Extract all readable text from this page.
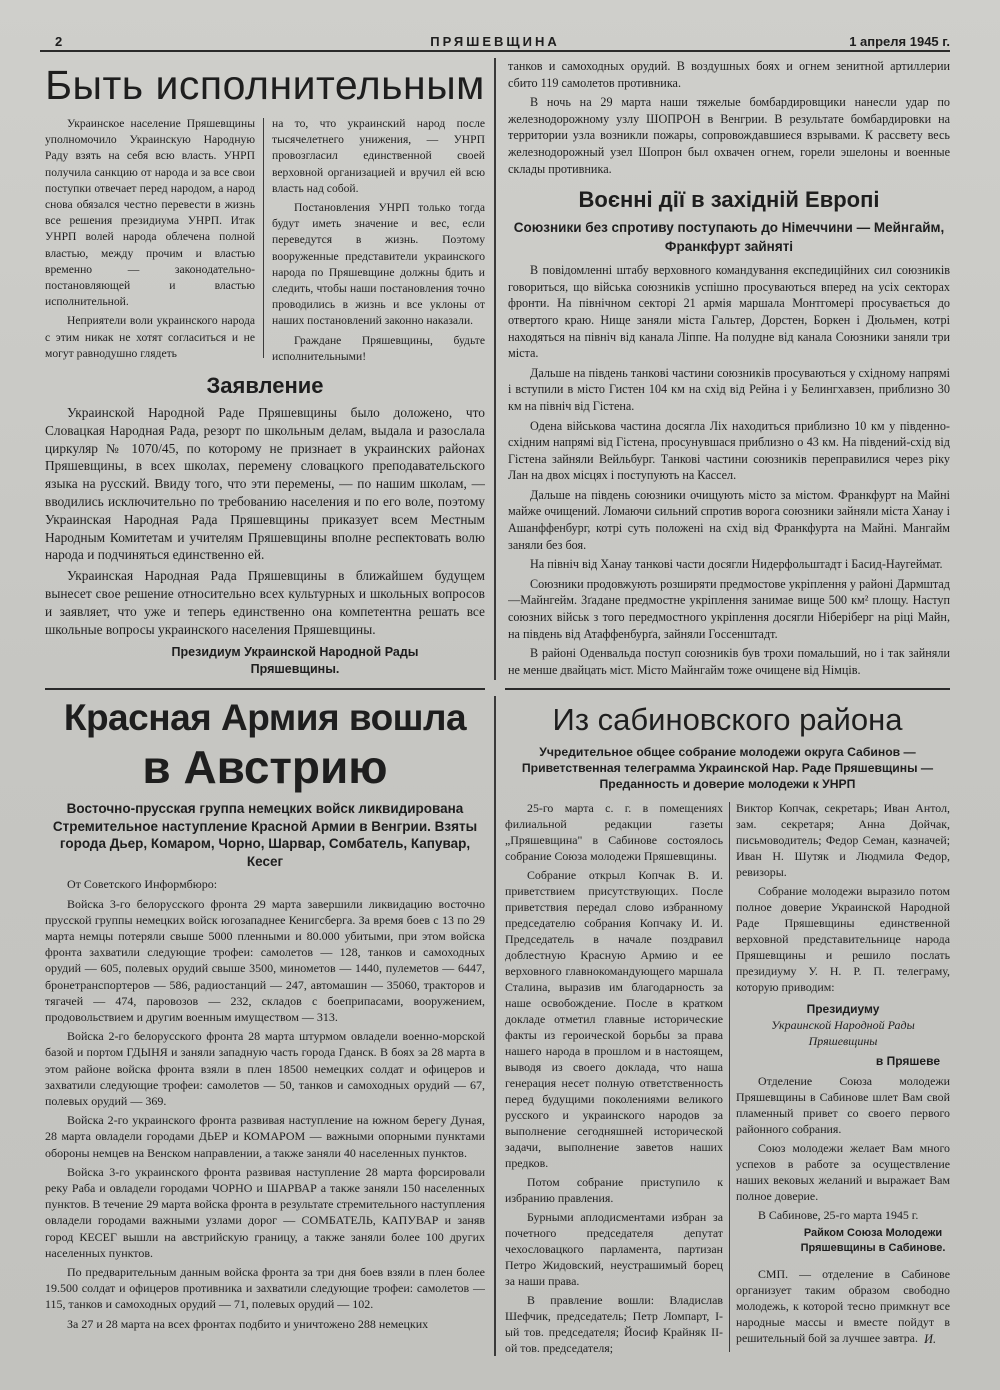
2	ПРЯШЕВЩИНА	1 апреля 1945 г.
Быть исполнительным

Украинское население Пряшевщины уполномочило Украинскую Народную Раду взять на себя всю власть. УНРП получила санкцию от народа и за все свои поступки отвечает перед народом, а народ снова обязался честно перевести в жизнь все решения президиума УНРП. Итак УНРП волей народа облечена полной властью, между прочим и властью временно — законодательно-постановляющей и властью исполнительной.

Неприятели воли украинского народа с этим никак не хотят согласиться и не могут равнодушно глядеть

на то, что украинский народ после тысячелетнего унижения, — УНРП провозгласил единственной своей верховной организацией и вручил ей всю власть над собой.

Постановления УНРП только тогда будут иметь значение и вес, если переведутся в жизнь. Поэтому вооруженные представители украинского народа по Пряшевщине должны бдить и следить, чтобы наши постановления точно проводились в жизнь и все уклоны от наших постановлений законно наказали.

Граждане Пряшевщины, будьте исполнительными!

Заявление

Украинской Народной Раде Пряшевщины было доложено, что Словацкая Народная Рада, резорт по школьным делам, выдала и разослала циркуляр № 1070/45, по которому не признает в украинских районах Пряшевщины, в всех школах, перемену словацкого преподавательского языка на русский. Ввиду того, что эти перемены, — по нашим школам, — вводились исключительно по требованию населения и по его воле, поэтому Украинская Народная Рада Пряшевщины приказует всем Местным Народным Комитетам и учителям Пряшевщины вполне респектовать волю народа и подчиняться единственно ей.

Украинская Народная Рада Пряшевщины в ближайшем будущем вынесет свое решение относительно всех культурных и школьных вопросов и заявляет, что уже и теперь единственно она компетентна решать все школьные вопросы украинского населения Пряшевщины.

Президиум Украинской Народной Рады Пряшевщины.

танков и самоходных орудий. В воздушных боях и огнем зенитной артиллерии сбито 119 самолетов противника.

В ночь на 29 марта наши тяжелые бомбардировщики нанесли удар по железнодорожному узлу ШОПРОН в Венгрии. В результате бомбардировки на территории узла возникли пожары, сопровождавшиеся взрывами. К рассвету весь железнодорожный узел Шопрон был охвачен огнем, горели эшелоны и военные склады противника.

Воєнні дії в західній Европі
Союзники без спротиву поступають до Німеччини — Мейнгайм, Франкфурт зайняті

В повідомленні штабу верховного командування експедиційних сил союзників говориться, що війська союзників успішно просуваються вперед на усіх секторах фронти. На північном секторі 21 армія маршала Монтгомері просувається до отвертого краю. Нище заняли міста Гальтер, Дорстен, Боркен і Дюльмен, котрі находяться на північ від канала Ліппе. На полудне від канала Союзники заняли три міста.

Дальше на південь танкові частини союзників просуваються у східному напрямі і вступили в місто Гистен 104 км на схід від Рейна і у Белингхавзен, приблизно 30 км на північ від Гістена.

Одена військова частина досягла Ліх находиться приблизно 10 км у південно-східним напрямі від Гістена, просунувшася приблизно о 43 км. На південий-схід від Гістена зайняли Вейльбург. Танкові частини союзників переправилися через ріку Лан на двох місцях і поступують на Кассел.

Дальше на південь союзники очищують місто за містом. Франкфурт на Майні майже очищений. Ломаючи сильний спротив ворога союзники зайняли міста Ханау і Ашанффенбург, котрі суть положені на схід від Франкфурта на Майні. Мангайм заняли без боя.

На північ від Ханау танкові части досягли Нидерфольштадт і Басид-Наугеймат.

Союзники продовжують розширяти предмостове укріплення у районі Дармштад—Майнгейм. Зґадане предмостне укріплення занимае вище 500 км² площу. Наступ союзних військ з того передмостного укріплення досягли Ніберіберг на ріці Майн, на південь від Атаффенбурґа, зайняли Госсенштадт.

В районі Оденвальда поступ союзників був трохи помальший, но і так зайняли не менше двайцать міст. Місто Майнгайм тоже очищене від Німців.

Красная Армия вошла
в Австрию
Восточно-прусская группа немецких войск ликвидирована Стремительное наступление Красной Армии в Венгрии. Взяты города Дьер, Комаром, Чорно, Шарвар, Сомбатель, Капувар, Кесег

От Советского Информбюро:

Войска 3-го белорусского фронта 29 марта завершили ликвидацию восточно прусской группы немецких войск югозападнее Кенигсберга. За время боев с 13 по 29 марта немцы потеряли свыше 5000 пленными и 80.000 убитыми, при этом войска фронта захватили следующие трофеи: самолетов — 128, танков и самоходных орудий — 605, полевых орудий свыше 3500, минометов — 1440, пулеметов — 6447, бронетранспортеров — 586, радиостанций — 247, автомашин — 35060, тракторов и тягачей — 474, паровозов — 232, складов с боеприпасами, вооружением, продовольствием и другим военным имуществом — 313.

Войска 2-го белорусского фронта 28 марта штурмом овладели военно-морской базой и портом ГДЫНЯ и заняли западную часть города Гданск. В боях за 28 марта в этом районе войска фронта взяли в плен 18500 немецких солдат и офицеров и захватили следующие трофеи: самолетов — 50, танков и самоходных орудий — 67, полевых орудий — 369.

Войска 2-го украинского фронта развивая наступление на южном берегу Дуная, 28 марта овладели городами ДЬЕР и КОМАРОМ — важными опорными пунктами обороны немцев на Венском направлении, а также заняли 40 населенных пунктов.

Войска 3-го украинского фронта развивая наступление 28 марта форсировали реку Раба и овладели городами ЧОРНО и ШАРВАР а также заняли 150 населенных пунктов. В течение 29 марта войска фронта в результате стремительного наступления овладели городами важными узлами дорог — СОМБАТЕЛЬ, КАПУВАР и заняв город КЕСЕГ вышли на австрийскую границу, а также заняли более 100 других населенных пунктов.

По предварительным данным войска фронта за три дня боев взяли в плен более 19.500 солдат и офицеров противника и захватили следующие трофеи: самолетов — 115, танков и самоходных орудий — 71, полевых орудий — 102.

За 27 и 28 марта на всех фронтах подбито и уничтожено 288 немецких

Из сабиновского района
Учредительное общее собрание молодежи округа Сабинов — Приветственная телеграмма Украинской Нар. Раде Пряшевщины — Преданность и доверие молодежи к УНРП

25-го марта с. г. в помещениях филиальной редакции газеты „Пряшевщина" в Сабинове состоялось собрание Союза молодежи Пряшевщины.

Собрание открыл Копчак В. И. приветствием присутствующих. После приветствия передал слово избранному председателю собрания Копчаку И. И. Председатель в начале поздравил доблестную Красную Армию и ее верховного главнокомандующего маршала Сталина, выразив им благодарность за наше освобождение. После в кратком докладе отметил главные исторические факты из героической борьбы за права нашего народа в прошлом и в настоящем, выводя из своего доклада, что наша генерация несет полную ответственность перед будущими поколениями великого русского и украинского народов за выполнение сегодняшней исторической задачи, выполнение заветов наших предков.

Потом собрание приступило к избранию правления.

Бурными аплодисментами избран за почетного председателя депутат чехословацкого парламента, партизан Петро Жидовский, неустрашимый борец за наши права.

В правление вошли: Владислав Шефчик, председатель; Петр Ломпарт, I-ый тов. председателя; Йосиф Крайняк II-ой тов. председателя;

Виктор Копчак, секретарь; Иван Антол, зам. секретаря; Анна Дойчак, письмоводитель; Федор Семан, казначей; Иван Н. Шутяк и Людмила Федор, ревизоры.

Собрание молодежи выразило потом полное доверие Украинской Народной Раде Пряшевщины единственной верховной представительнице народа Пряшевщины и решило послать президиуму У. Н. Р. П. телеграму, которую приводим:

Президиуму
Украинской Народной Рады Пряшевщины
в Пряшеве

Отделение Союза молодежи Пряшевщины в Сабинове шлет Вам свой пламенный привет со своего первого районного собрания.

Союз молодежи желает Вам много успехов в работе за осуществление наших вековых желаний и выражает Вам полное доверие.

В Сабинове, 25-го марта 1945 г.

Райком Союза Молодежи Пряшевщины в Сабинове.

СМП. — отделение в Сабинове организует таким образом свободно молодежь, к которой тесно примкнут все народные массы и вместе пойдут в решительный бой за лучшее завтра. И.
